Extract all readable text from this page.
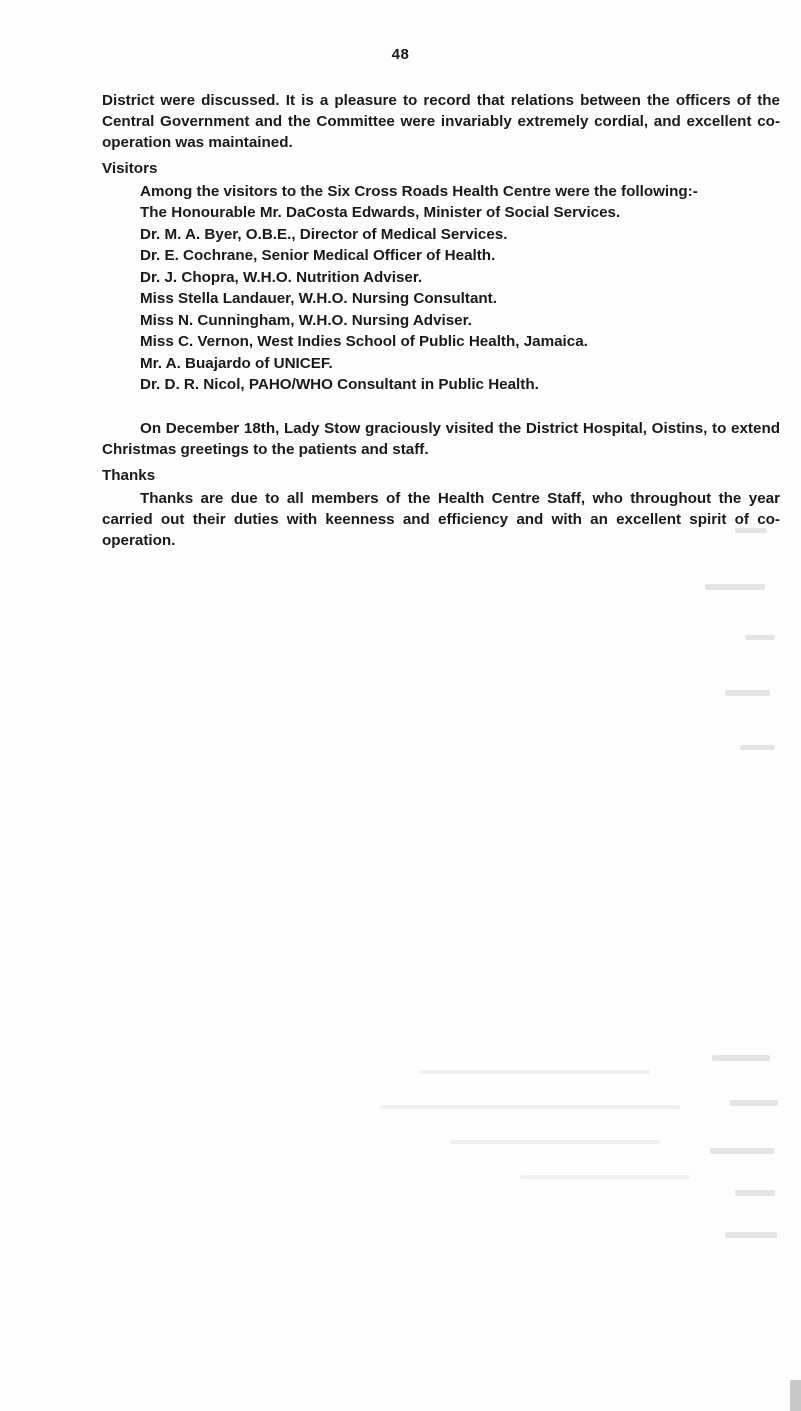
48
District were discussed. It is a pleasure to record that relations between the officers of the Central Government and the Committee were invariably extremely cordial, and excellent co-operation was maintained.
Visitors
Among the visitors to the Six Cross Roads Health Centre were the following:-
The Honourable Mr. DaCosta Edwards, Minister of Social Services.
Dr. M. A. Byer, O.B.E., Director of Medical Services.
Dr. E. Cochrane, Senior Medical Officer of Health.
Dr. J. Chopra, W.H.O. Nutrition Adviser.
Miss Stella Landauer, W.H.O. Nursing Consultant.
Miss N. Cunningham, W.H.O. Nursing Adviser.
Miss C. Vernon, West Indies School of Public Health, Jamaica.
Mr. A. Buajardo of UNICEF.
Dr. D. R. Nicol, PAHO/WHO Consultant in Public Health.
On December 18th, Lady Stow graciously visited the District Hospital, Oistins, to extend Christmas greetings to the patients and staff.
Thanks
Thanks are due to all members of the Health Centre Staff, who throughout the year carried out their duties with keenness and efficiency and with an excellent spirit of co-operation.
